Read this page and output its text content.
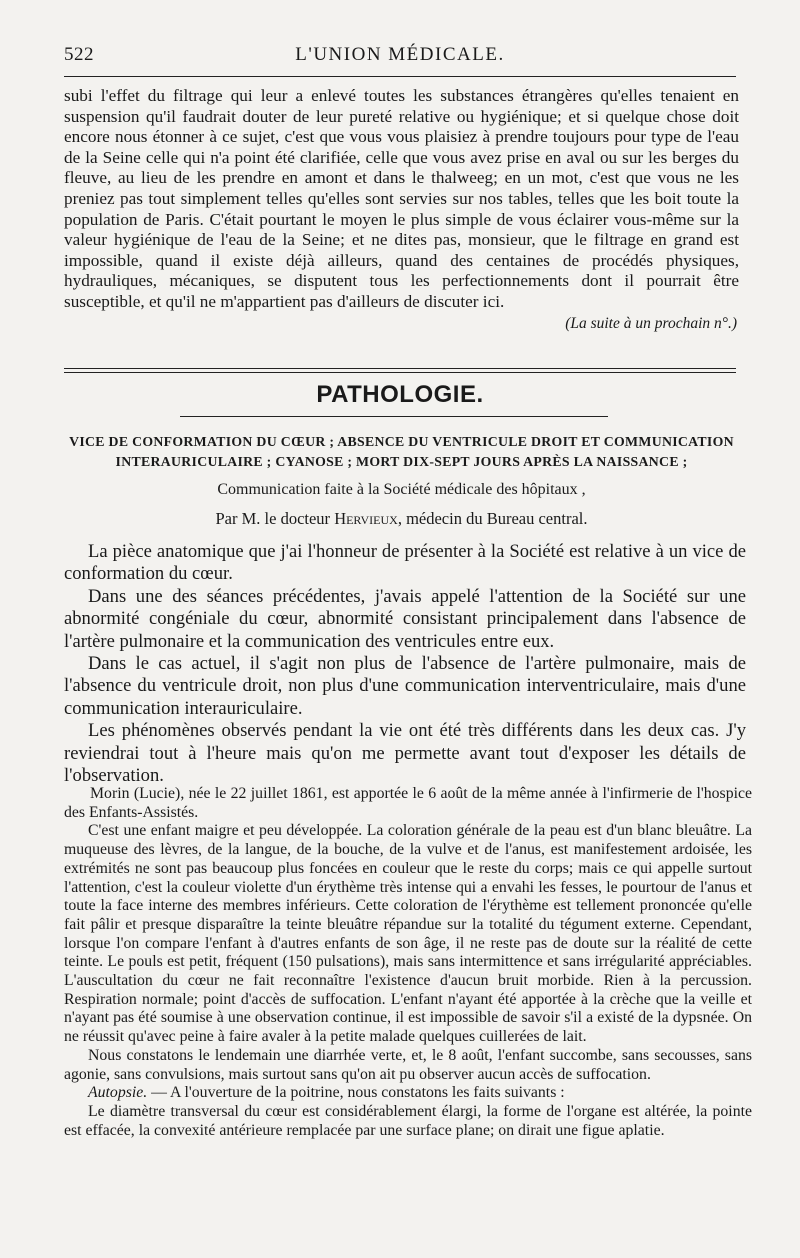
522	L'UNION MÉDICALE.

subi l'effet du filtrage qui leur a enlevé toutes les substances étrangères qu'elles tenaient en suspension qu'il faudrait douter de leur pureté relative ou hygiénique; et si quelque chose doit encore nous étonner à ce sujet, c'est que vous vous plaisiez à prendre toujours pour type de l'eau de la Seine celle qui n'a point été clarifiée, celle que vous avez prise en aval ou sur les berges du fleuve, au lieu de les prendre en amont et dans le thalweeg; en un mot, c'est que vous ne les preniez pas tout simplement telles qu'elles sont servies sur nos tables, telles que les boit toute la population de Paris. C'était pourtant le moyen le plus simple de vous éclairer vous-même sur la valeur hygiénique de l'eau de la Seine; et ne dites pas, monsieur, que le filtrage en grand est impossible, quand il existe déjà ailleurs, quand des centaines de procédés physiques, hydrauliques, mécaniques, se disputent tous les perfectionnements dont il pourrait être susceptible, et qu'il ne m'appartient pas d'ailleurs de discuter ici.

(La suite à un prochain n°.)
PATHOLOGIE.
VICE DE CONFORMATION DU CŒUR ; ABSENCE DU VENTRICULE DROIT ET COMMUNICATION
INTERAURICULAIRE ; CYANOSE ; MORT DIX-SEPT JOURS APRÈS LA NAISSANCE ;
Communication faite à la Société médicale des hôpitaux ,
Par M. le docteur Hervieux, médecin du Bureau central.

La pièce anatomique que j'ai l'honneur de présenter à la Société est relative à un vice de conformation du cœur.

Dans une des séances précédentes, j'avais appelé l'attention de la Société sur une abnormité congéniale du cœur, abnormité consistant principalement dans l'absence de l'artère pulmonaire et la communication des ventricules entre eux.

Dans le cas actuel, il s'agit non plus de l'absence de l'artère pulmonaire, mais de l'absence du ventricule droit, non plus d'une communication interventriculaire, mais d'une communication interauriculaire.

Les phénomènes observés pendant la vie ont été très différents dans les deux cas. J'y reviendrai tout à l'heure mais qu'on me permette avant tout d'exposer les détails de l'observation.

Morin (Lucie), née le 22 juillet 1861, est apportée le 6 août de la même année à l'infirmerie de l'hospice des Enfants-Assistés.

C'est une enfant maigre et peu développée. La coloration générale de la peau est d'un blanc bleuâtre. La muqueuse des lèvres, de la langue, de la bouche, de la vulve et de l'anus, est manifestement ardoisée, les extrémités ne sont pas beaucoup plus foncées en couleur que le reste du corps; mais ce qui appelle surtout l'attention, c'est la couleur violette d'un érythème très intense qui a envahi les fesses, le pourtour de l'anus et toute la face interne des membres inférieurs. Cette coloration de l'érythème est tellement prononcée qu'elle fait pâlir et presque disparaître la teinte bleuâtre répandue sur la totalité du tégument externe. Cependant, lorsque l'on compare l'enfant à d'autres enfants de son âge, il ne reste pas de doute sur la réalité de cette teinte. Le pouls est petit, fréquent (150 pulsations), mais sans intermittence et sans irrégularité appréciables. L'auscultation du cœur ne fait reconnaître l'existence d'aucun bruit morbide. Rien à la percussion. Respiration normale; point d'accès de suffocation. L'enfant n'ayant été apportée à la crèche que la veille et n'ayant pas été soumise à une observation continue, il est impossible de savoir s'il a existé de la dypsnée. On ne réussit qu'avec peine à faire avaler à la petite malade quelques cuillerées de lait.

Nous constatons le lendemain une diarrhée verte, et, le 8 août, l'enfant succombe, sans secousses, sans agonie, sans convulsions, mais surtout sans qu'on ait pu observer aucun accès de suffocation.

Autopsie. — A l'ouverture de la poitrine, nous constatons les faits suivants :

Le diamètre transversal du cœur est considérablement élargi, la forme de l'organe est altérée, la pointe est effacée, la convexité antérieure remplacée par une surface plane; on dirait une figue aplatie.
